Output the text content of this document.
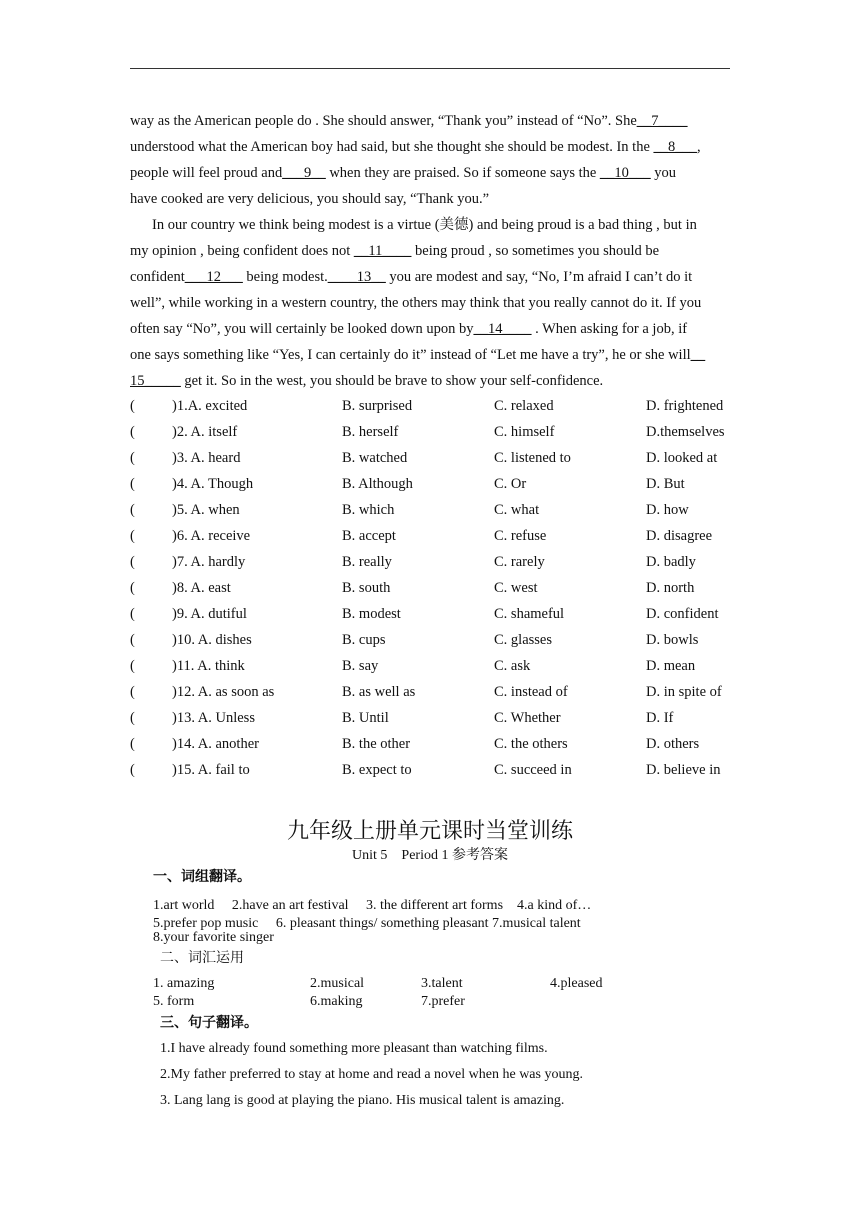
way as the American people do . She should answer, “Thank you” instead of “No”. She__7____
understood what the American boy had said, but she thought she should be modest. In the __8___,
people will feel proud and___9__ when they are praised. So if someone says the __10___ you
have cooked are very delicious, you should say, “Thank you.”
In our country we think being modest is a virtue (美德) and being proud is a bad thing , but in
my opinion , being confident does not __11____ being proud , so sometimes you should be
confident___12___ being modest.____13__ you are modest and say, “No, I’m afraid I can’t do it
well”, while working in a western country, the others may think that you really cannot do it. If you
often say “No”, you will certainly be looked down upon by__14____ . When asking for a job, if
one says something like “Yes, I can certainly do it” instead of “Let me have a try”, he or she will__
15_____ get it. So in the west, you should be brave to show your self-confidence.
(	)1.A. excited	B. surprised	C. relaxed	D. frightened
(	)2. A. itself	B. herself	C. himself	D.themselves
(	)3. A. heard	B. watched	C. listened to	D. looked at
(	)4. A. Though	B. Although	C. Or	D. But
(	)5. A. when	B. which	C. what	D. how
(	)6. A. receive	B. accept	C. refuse	D. disagree
(	)7. A. hardly	B. really	C. rarely	D. badly
(	)8. A. east	B. south	C. west	D. north
(	)9. A. dutiful	B. modest	C. shameful	D. confident
(	)10. A. dishes	B. cups	C. glasses	D. bowls
(	)11. A. think	B. say	C. ask	D. mean
(	)12. A. as soon as	B. as well as	C. instead of	D. in spite of
(	)13. A. Unless	B. Until	C. Whether	D. If
(	)14. A. another	B. the other	C. the others	D. others
(	)15. A. fail to	B. expect to	C. succeed in	D. believe in
九年级上册单元课时当堂训练
Unit 5　Period 1 参考答案
一、词组翻译。
1.art world　 2.have an art festival　 3. the different art forms　4.a kind of…
5.prefer pop music　 6. pleasant things/ something pleasant 7.musical talent
8.your favorite singer
二、词汇运用
1. amazing	2.musical	3.talent	4.pleased
5. form	6.making	7.prefer
三、句子翻译。
1.I have already found something more pleasant than watching films.
2.My father preferred to stay at home and read a novel when he was young.
3. Lang lang is good at playing the piano. His musical talent is amazing.
